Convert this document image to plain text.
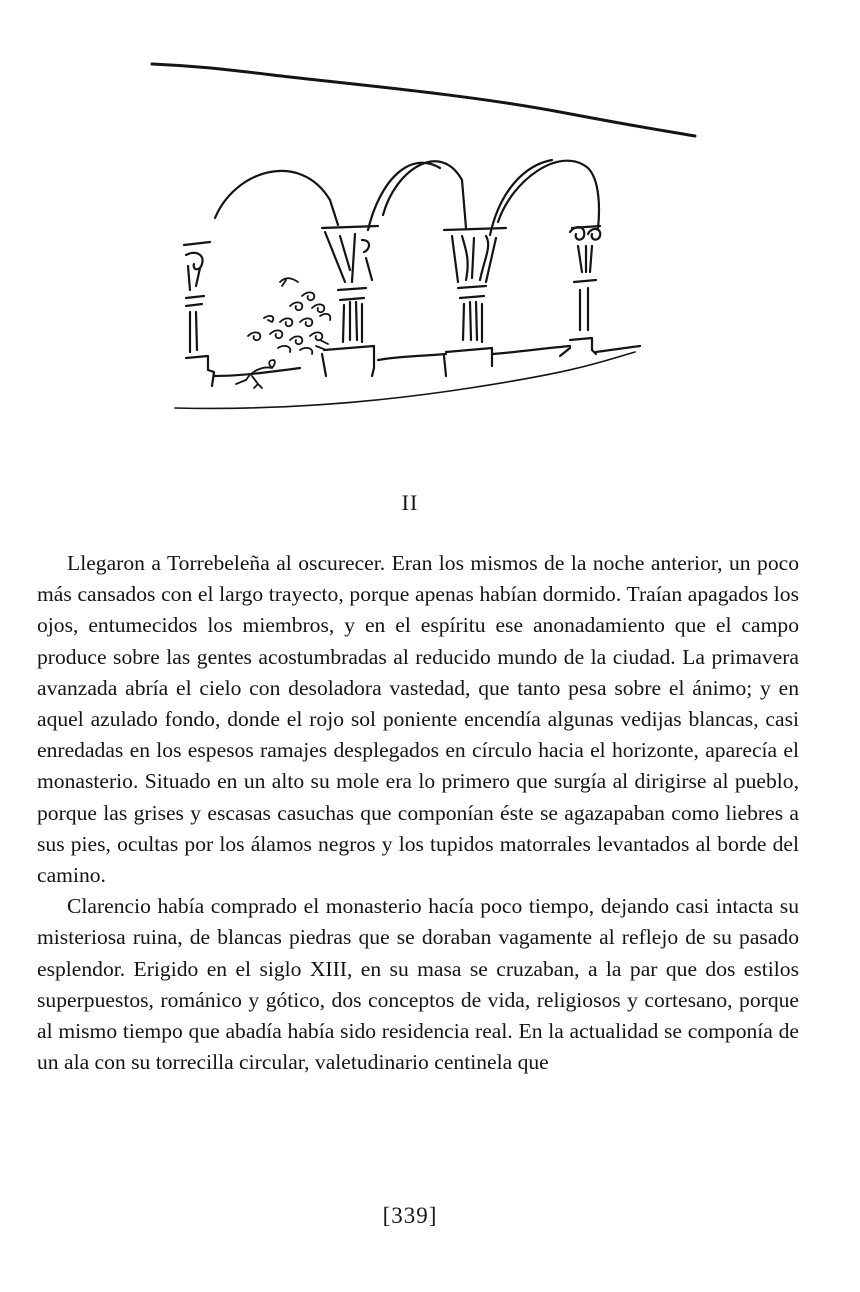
II

Llegaron a Torrebeleña al oscurecer. Eran los mismos de la noche anterior, un poco más cansados con el largo trayecto, porque apenas habían dormido. Traían apagados los ojos, entumecidos los miembros, y en el espíritu ese anonadamiento que el campo produce sobre las gentes acostumbradas al reducido mundo de la ciudad. La primavera avanzada abría el cielo con desoladora vastedad, que tanto pesa sobre el ánimo; y en aquel azulado fondo, donde el rojo sol poniente encendía algunas vedijas blancas, casi enredadas en los espesos ramajes desplegados en círculo hacia el horizonte, aparecía el monasterio. Situado en un alto su mole era lo primero que surgía al dirigirse al pueblo, porque las grises y escasas casuchas que componían éste se agazapaban como liebres a sus pies, ocultas por los álamos negros y los tupidos matorrales levantados al borde del camino.

Clarencio había comprado el monasterio hacía poco tiempo, dejando casi intacta su misteriosa ruina, de blancas piedras que se doraban vagamente al reflejo de su pasado esplendor. Erigido en el siglo XIII, en su masa se cruzaban, a la par que dos estilos superpuestos, románico y gótico, dos conceptos de vida, religiosos y cortesano, porque al mismo tiempo que abadía había sido residencia real. En la actualidad se componía de un ala con su torrecilla circular, valetudinario centinela que

[339]
